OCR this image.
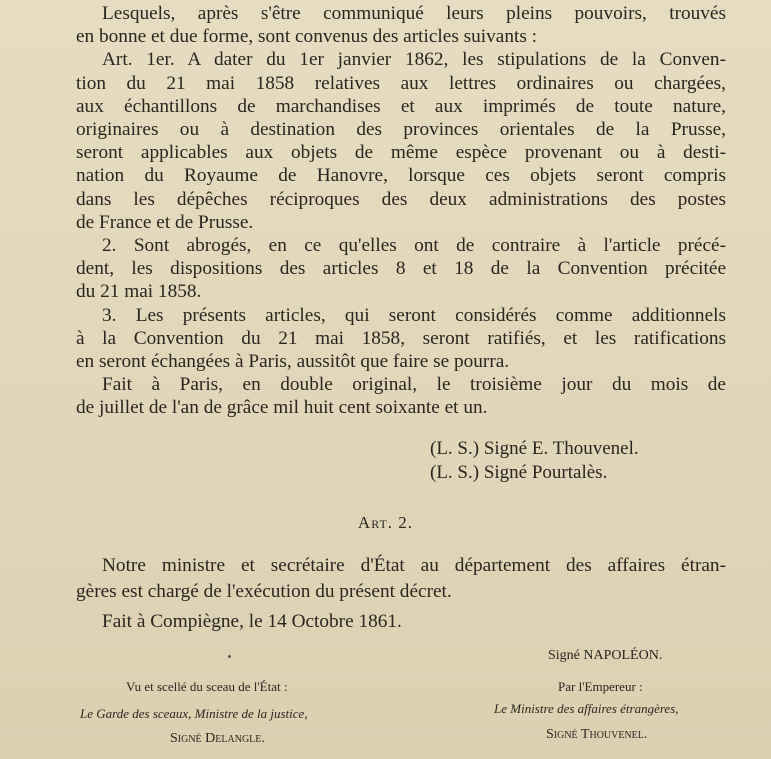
Lesquels, après s'être communiqué leurs pleins pouvoirs, trouvés
en bonne et due forme, sont convenus des articles suivants :
Art. 1er. A dater du 1er janvier 1862, les stipulations de la Conven-
tion du 21 mai 1858 relatives aux lettres ordinaires ou chargées,
aux échantillons de marchandises et aux imprimés de toute nature,
originaires ou à destination des provinces orientales de la Prusse,
seront applicables aux objets de même espèce provenant ou à desti-
nation du Royaume de Hanovre, lorsque ces objets seront compris
dans les dépêches réciproques des deux administrations des postes
de France et de Prusse.
2. Sont abrogés, en ce qu'elles ont de contraire à l'article précé-
dent, les dispositions des articles 8 et 18 de la Convention précitée
du 21 mai 1858.
3. Les présents articles, qui seront considérés comme additionnels
à la Convention du 21 mai 1858, seront ratifiés, et les ratifications
en seront échangées à Paris, aussitôt que faire se pourra.
Fait à Paris, en double original, le troisième jour du mois de
de juillet de l'an de grâce mil huit cent soixante et un.
(L. S.) Signé E. Thouvenel.
(L. S.) Signé Pourtalès.
Art. 2.
Notre ministre et secrétaire d'État au département des affaires étran-
gères est chargé de l'exécution du présent décret.
Fait à Compiègne, le 14 Octobre 1861.
Signé NAPOLÉON.
Vu et scellé du sceau de l'État :	Par l'Empereur :
Le Garde des sceaux, Ministre de la justice,	Le Ministre des affaires étrangères,
Signé Delangle.	Signé Thouvenel.
